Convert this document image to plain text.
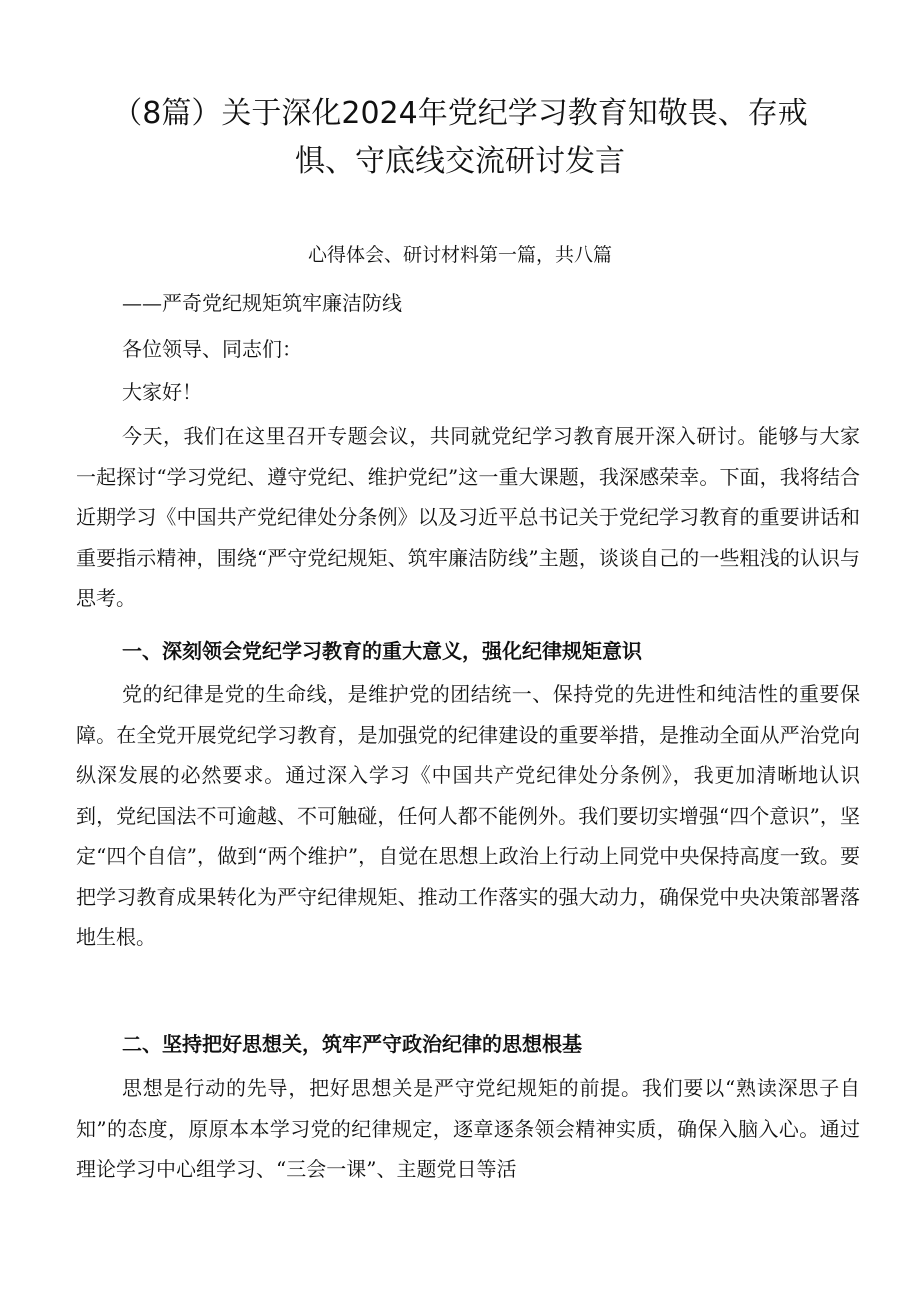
（8篇）关于深化2024年党纪学习教育知敬畏、存戒
惧、守底线交流研讨发言

心得体会、研讨材料第一篇，共八篇

——严奇党纪规矩筑牢廉洁防线

各位领导、同志们：

大家好！

今天，我们在这里召开专题会议，共同就党纪学习教育展开深入研讨。能够与大家一起探讨“学习党纪、遵守党纪、维护党纪”这一重大课题，我深感荣幸。下面，我将结合近期学习《中国共产党纪律处分条例》以及习近平总书记关于党纪学习教育的重要讲话和重要指示精神，围绕“严守党纪规矩、筑牢廉洁防线”主题，谈谈自己的一些粗浅的认识与思考。

一、深刻领会党纪学习教育的重大意义，强化纪律规矩意识

党的纪律是党的生命线，是维护党的团结统一、保持党的先进性和纯洁性的重要保障。在全党开展党纪学习教育，是加强党的纪律建设的重要举措，是推动全面从严治党向纵深发展的必然要求。通过深入学习《中国共产党纪律处分条例》，我更加清晰地认识到，党纪国法不可逾越、不可触碰，任何人都不能例外。我们要切实增强“四个意识”，坚定“四个自信”，做到“两个维护”，自觉在思想上政治上行动上同党中央保持高度一致。要把学习教育成果转化为严守纪律规矩、推动工作落实的强大动力，确保党中央决策部署落地生根。

二、坚持把好思想关，筑牢严守政治纪律的思想根基

思想是行动的先导，把好思想关是严守党纪规矩的前提。我们要以“熟读深思子自知”的态度，原原本本学习党的纪律规定，逐章逐条领会精神实质，确保入脑入心。通过理论学习中心组学习、“三会一课”、主题党日等活
